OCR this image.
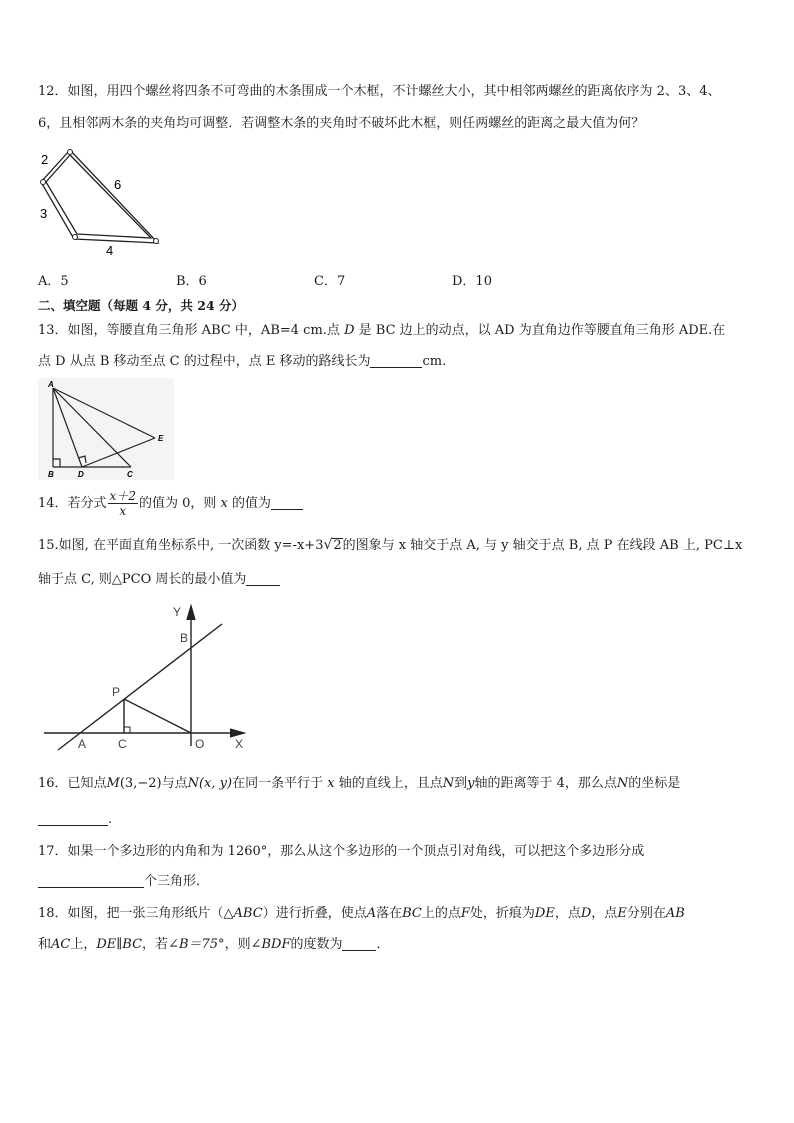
12．如图，用四个螺丝将四条不可弯曲的木条围成一个木框，不计螺丝大小，其中相邻两螺丝的距离依序为 2、3、4、
6，且相邻两木条的夹角均可调整．若调整木条的夹角时不破坏此木框，则任两螺丝的距离之最大值为何？
2
3
4
6
A．5	B．6	C．7	D．10
二、填空题（每题 4 分，共 24 分）
13．如图，等腰直角三角形 ABC 中，AB=4 cm.点 D 是 BC 边上的动点，以 AD 为直角边作等腰直角三角形 ADE.在
点 D 从点 B 移动至点 C 的过程中，点 E 移动的路线长为	cm.
A
B	D	C
E
14．若分式 $\frac{x+2}{x}$ 的值为 0，则 x 的值为
15.如图, 在平面直角坐标系中, 一次函数 y=-x+3√2的图象与 x 轴交于点 A, 与 y 轴交于点 B, 点 P 在线段 AB 上, PC⊥x
轴于点 C, 则△PCO 周长的最小值为
Y
X
B
P
A	C	O
16．已知点M(3,−2)与点N(x, y)在同一条平行于 x 轴的直线上，且点N到y轴的距离等于 4，那么点N的坐标是
.
17．如果一个多边形的内角和为 1260°，那么从这个多边形的一个顶点引对角线，可以把这个多边形分成
个三角形．
18．如图，把一张三角形纸片（△ABC）进行折叠，使点A落在BC上的点F处，折痕为DE，点D，点E分别在AB
和AC上，DE∥BC，若∠B＝75°，则∠BDF的度数为	．
